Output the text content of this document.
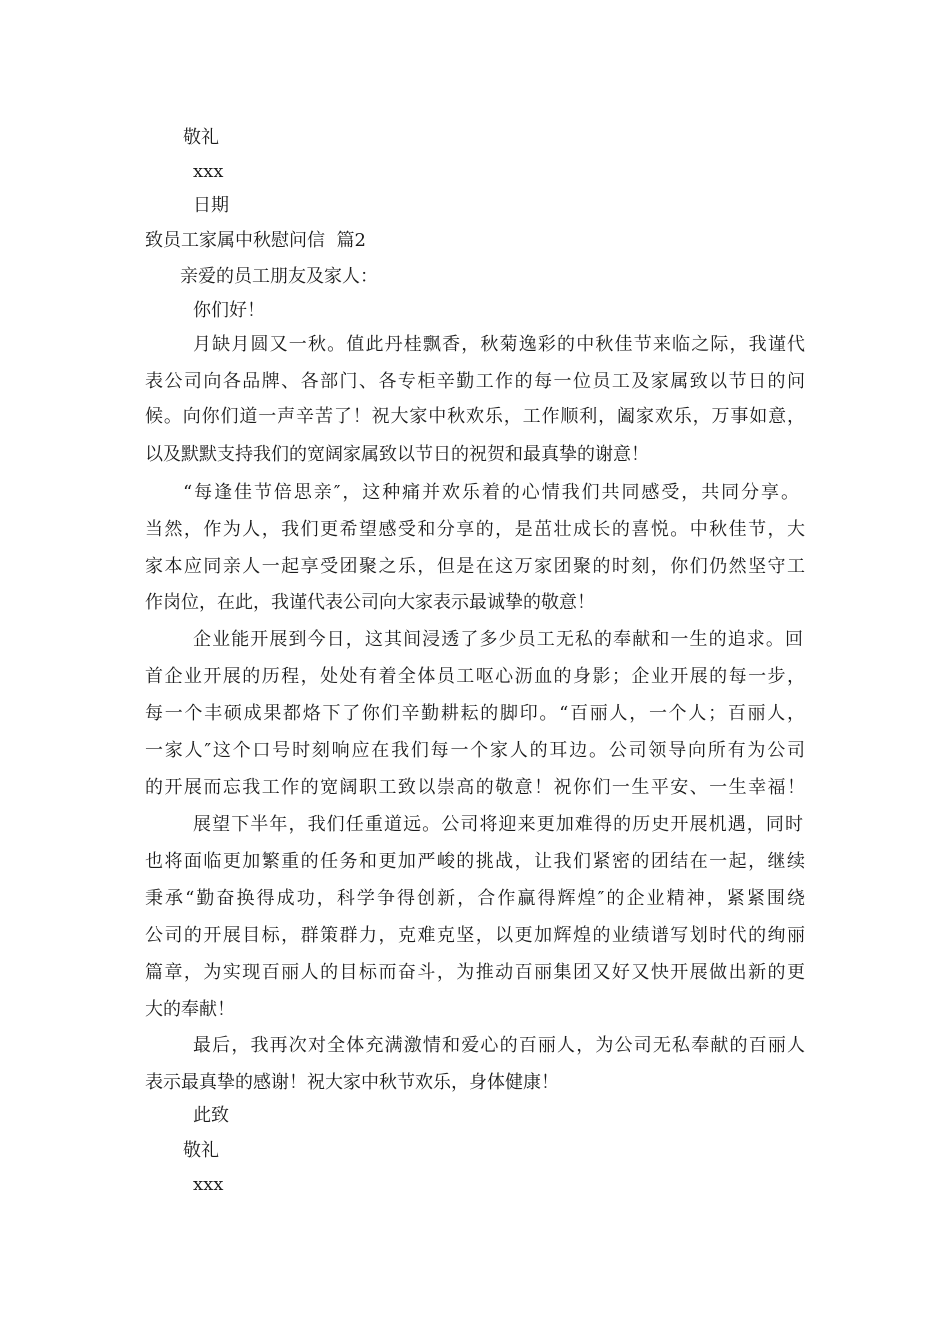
敬礼
xxx
日期
致员工家属中秋慰问信  篇2
亲爱的员工朋友及家人：
你们好！
月缺月圆又一秋。值此丹桂飘香，秋菊逸彩的中秋佳节来临之际，我谨代
表公司向各品牌、各部门、各专柜辛勤工作的每一位员工及家属致以节日的问
候。向你们道一声辛苦了！祝大家中秋欢乐，工作顺利，阖家欢乐，万事如意，
以及默默支持我们的宽阔家属致以节日的祝贺和最真挚的谢意！
“每逢佳节倍思亲″，这种痛并欢乐着的心情我们共同感受，共同分享。
当然，作为人，我们更希望感受和分享的，是茁壮成长的喜悦。中秋佳节，大
家本应同亲人一起享受团聚之乐，但是在这万家团聚的时刻，你们仍然坚守工
作岗位，在此，我谨代表公司向大家表示最诚挚的敬意！
企业能开展到今日，这其间浸透了多少员工无私的奉献和一生的追求。回
首企业开展的历程，处处有着全体员工呕心沥血的身影；企业开展的每一步，
每一个丰硕成果都烙下了你们辛勤耕耘的脚印。“百丽人，一个人；百丽人，
一家人″这个口号时刻响应在我们每一个家人的耳边。公司领导向所有为公司
的开展而忘我工作的宽阔职工致以崇高的敬意！祝你们一生平安、一生幸福！
展望下半年，我们任重道远。公司将迎来更加难得的历史开展机遇，同时
也将面临更加繁重的任务和更加严峻的挑战，让我们紧密的团结在一起，继续
秉承“勤奋换得成功，科学争得创新，合作赢得辉煌″的企业精神，紧紧围绕
公司的开展目标，群策群力，克难克坚，以更加辉煌的业绩谱写划时代的绚丽
篇章，为实现百丽人的目标而奋斗，为推动百丽集团又好又快开展做出新的更
大的奉献！
最后，我再次对全体充满激情和爱心的百丽人，为公司无私奉献的百丽人
表示最真挚的感谢！祝大家中秋节欢乐，身体健康！
此致
敬礼
xxx
